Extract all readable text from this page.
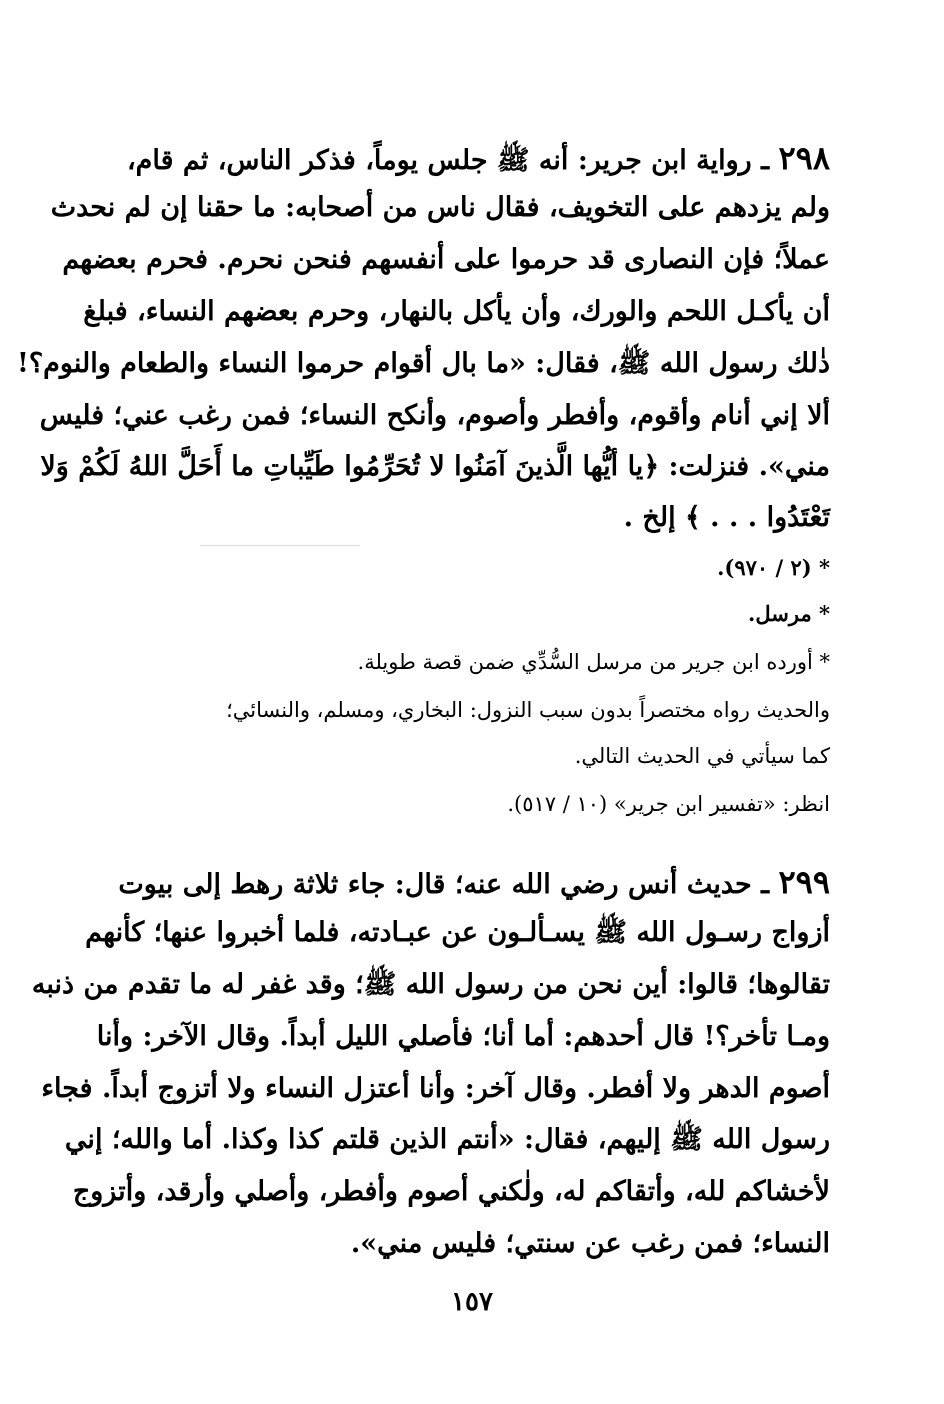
٢٩٨ ـ رواية ابن جرير: أنه ﷺ جلس يوماً، فذكر الناس، ثم قام،
ولم يزدهم على التخويف، فقال ناس من أصحابه: ما حقنا إن لم نحدث
عملاً؛ فإن النصارى قد حرموا على أنفسهم فنحن نحرم. فحرم بعضهم
أن يأكـل اللحم والورك، وأن يأكل بالنهار، وحرم بعضهم النساء، فبلغ
ذٰلك رسول الله ﷺ، فقال: «ما بال أقوام حرموا النساء والطعام والنوم؟!
ألا إني أنام وأقوم، وأفطر وأصوم، وأنكح النساء؛ فمن رغب عني؛ فليس
مني». فنزلت: ﴿يا أيُّها الَّذينَ آمَنُوا لا تُحَرِّمُوا طَيِّباتِ ما أَحَلَّ اللهُ لَكُمْ وَلا
تَعْتَدُوا . . . ﴾ إلخ .
* (٢ / ٩٧٠).
* مرسل.
* أورده ابن جرير من مرسل السُّدِّي ضمن قصة طويلة.
والحديث رواه مختصراً بدون سبب النزول: البخاري، ومسلم، والنسائي؛
كما سيأتي في الحديث التالي.
انظر: «تفسير ابن جرير» (١٠ / ٥١٧).
٢٩٩ ـ حديث أنس رضي الله عنه؛ قال: جاء ثلاثة رهط إلى بيوت
أزواج رسـول الله ﷺ يسـألـون عن عبـادته، فلما أخبروا عنها؛ كأنهم
تقالوها؛ قالوا: أين نحن من رسول الله ﷺ؛ وقد غفر له ما تقدم من ذنبه
ومـا تأخر؟! قال أحدهم: أما أنا؛ فأصلي الليل أبداً. وقال الآخر: وأنا
أصوم الدهر ولا أفطر. وقال آخر: وأنا أعتزل النساء ولا أتزوج أبداً. فجاء
رسول الله ﷺ إليهم، فقال: «أنتم الذين قلتم كذا وكذا. أما والله؛ إني
لأخشاكم لله، وأتقاكم له، ولٰكني أصوم وأفطر، وأصلي وأرقد، وأتزوج
النساء؛ فمن رغب عن سنتي؛ فليس مني».
١٥٧
